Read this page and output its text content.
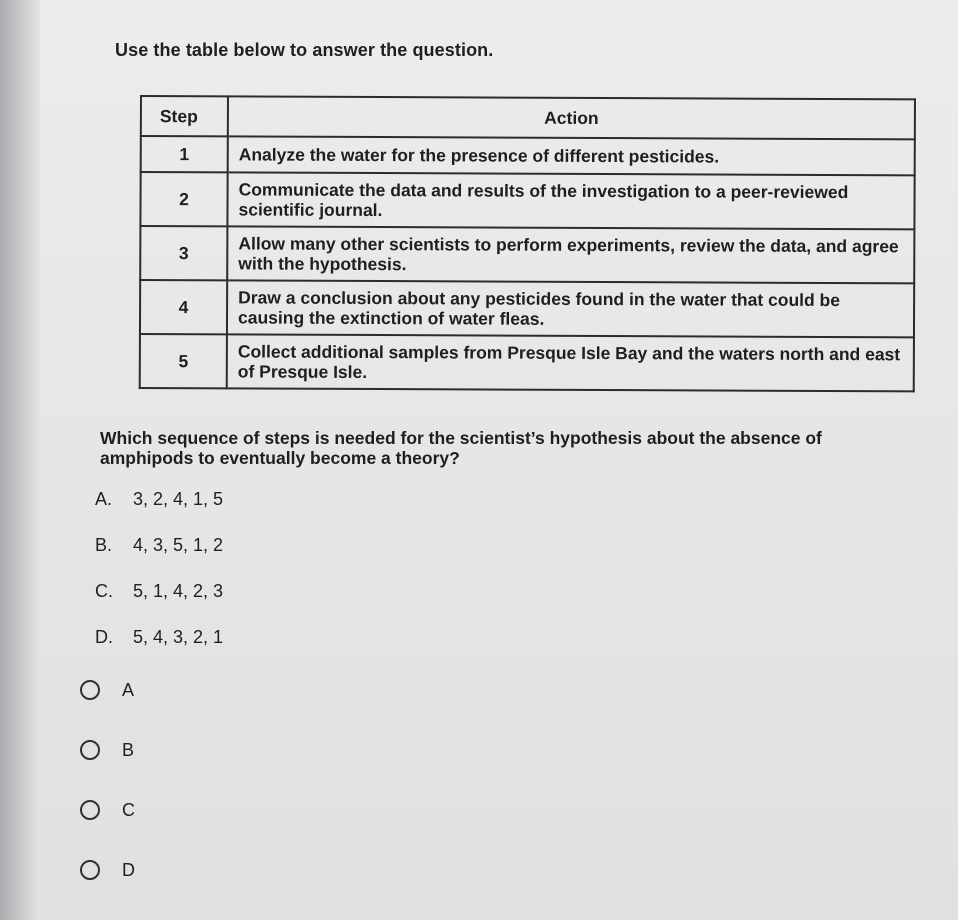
Use the table below to answer the question.
Step	Action
1	Analyze the water for the presence of different pesticides.
2	Communicate the data and results of the investigation to a peer-reviewed scientific journal.
3	Allow many other scientists to perform experiments, review the data, and agree with the hypothesis.
4	Draw a conclusion about any pesticides found in the water that could be causing the extinction of water fleas.
5	Collect additional samples from Presque Isle Bay and the waters north and east of Presque Isle.
Which sequence of steps is needed for the scientist’s hypothesis about the absence of amphipods to eventually become a theory?
A.	3, 2, 4, 1, 5
B.	4, 3, 5, 1, 2
C.	5, 1, 4, 2, 3
D.	5, 4, 3, 2, 1
A
B
C
D
